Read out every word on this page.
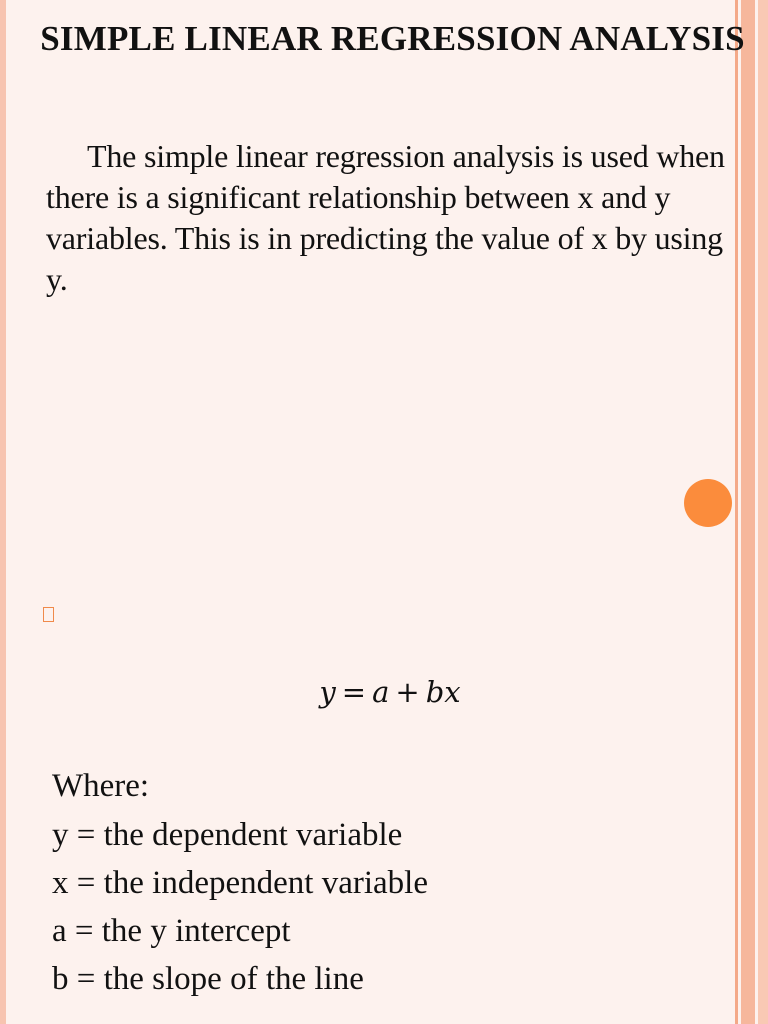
SIMPLE LINEAR REGRESSION ANALYSIS

The simple linear regression analysis is used when there is a significant relationship between x and y variables. This is in predicting the value of x by using y.

y = a + bx

Where:

y = the dependent variable
x = the independent variable
a = the y intercept
b = the slope of the line
